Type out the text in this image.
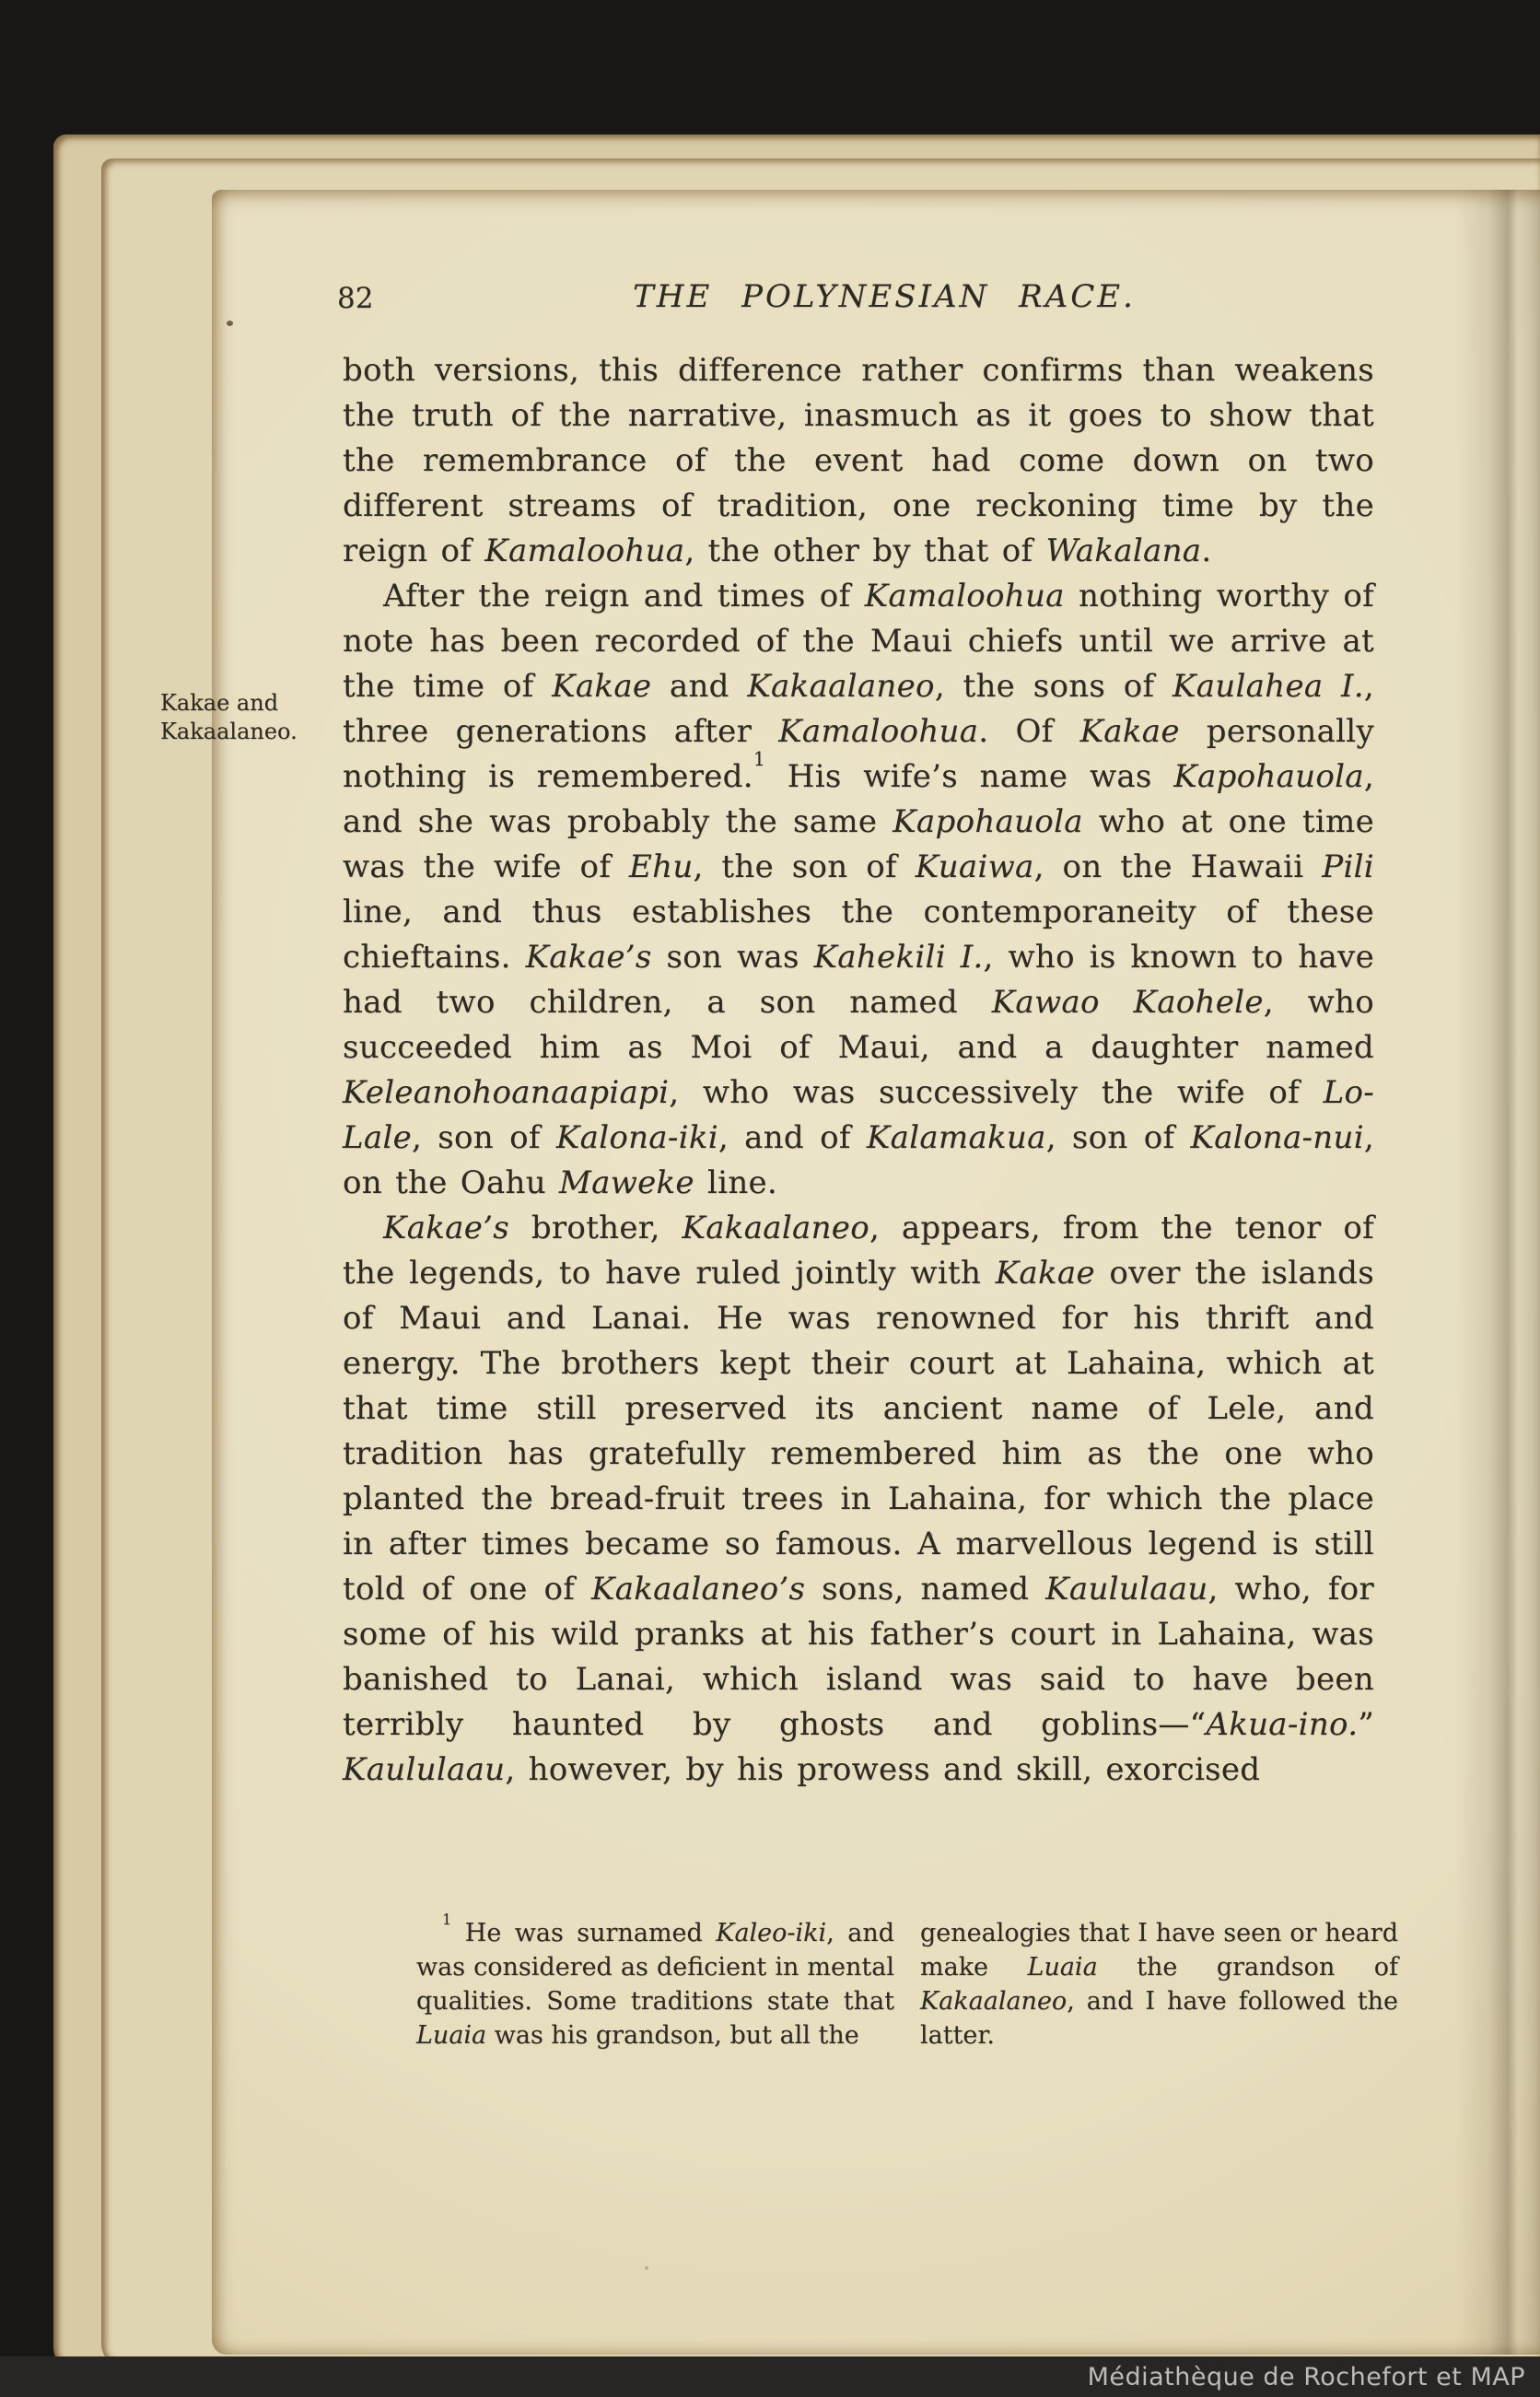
82	THE POLYNESIAN RACE.
Kakae and Kakaalaneo.

both versions, this difference rather confirms than weakens the truth of the narrative, inasmuch as it goes to show that the remembrance of the event had come down on two different streams of tradition, one reckoning time by the reign of Kamaloohua, the other by that of Wakalana.

After the reign and times of Kamaloohua nothing worthy of note has been recorded of the Maui chiefs until we arrive at the time of Kakae and Kakaalaneo, the sons of Kaulahea I., three generations after Kamaloohua. Of Kakae personally nothing is remembered.$^1$ His wife’s name was Kapohauola, and she was probably the same Kapohauola who at one time was the wife of Ehu, the son of Kuaiwa, on the Hawaii Pili line, and thus establishes the contemporaneity of these chieftains. Kakae’s son was Kahekili I., who is known to have had two children, a son named Kawao Kaohele, who succeeded him as Moi of Maui, and a daughter named Keleanohoanaapiapi, who was successively the wife of Lo-Lale, son of Kalona-iki, and of Kalamakua, son of Kalona-nui, on the Oahu Maweke line.

Kakae’s brother, Kakaalaneo, appears, from the tenor of the legends, to have ruled jointly with Kakae over the islands of Maui and Lanai. He was renowned for his thrift and energy. The brothers kept their court at Lahaina, which at that time still preserved its ancient name of Lele, and tradition has gratefully remembered him as the one who planted the bread-fruit trees in Lahaina, for which the place in after times became so famous. A marvellous legend is still told of one of Kakaalaneo’s sons, named Kaululaau, who, for some of his wild pranks at his father’s court in Lahaina, was banished to Lanai, which island was said to have been terribly haunted by ghosts and goblins—“Akua-ino.” Kaululaau, however, by his prowess and skill, exorcised

$^1$ He was surnamed Kaleo-iki, and was considered as deficient in mental qualities. Some traditions state that Luaia was his grandson, but all the

genealogies that I have seen or heard make Luaia the grandson of Kakaalaneo, and I have followed the latter.

Médiathèque de Rochefort et MAP
